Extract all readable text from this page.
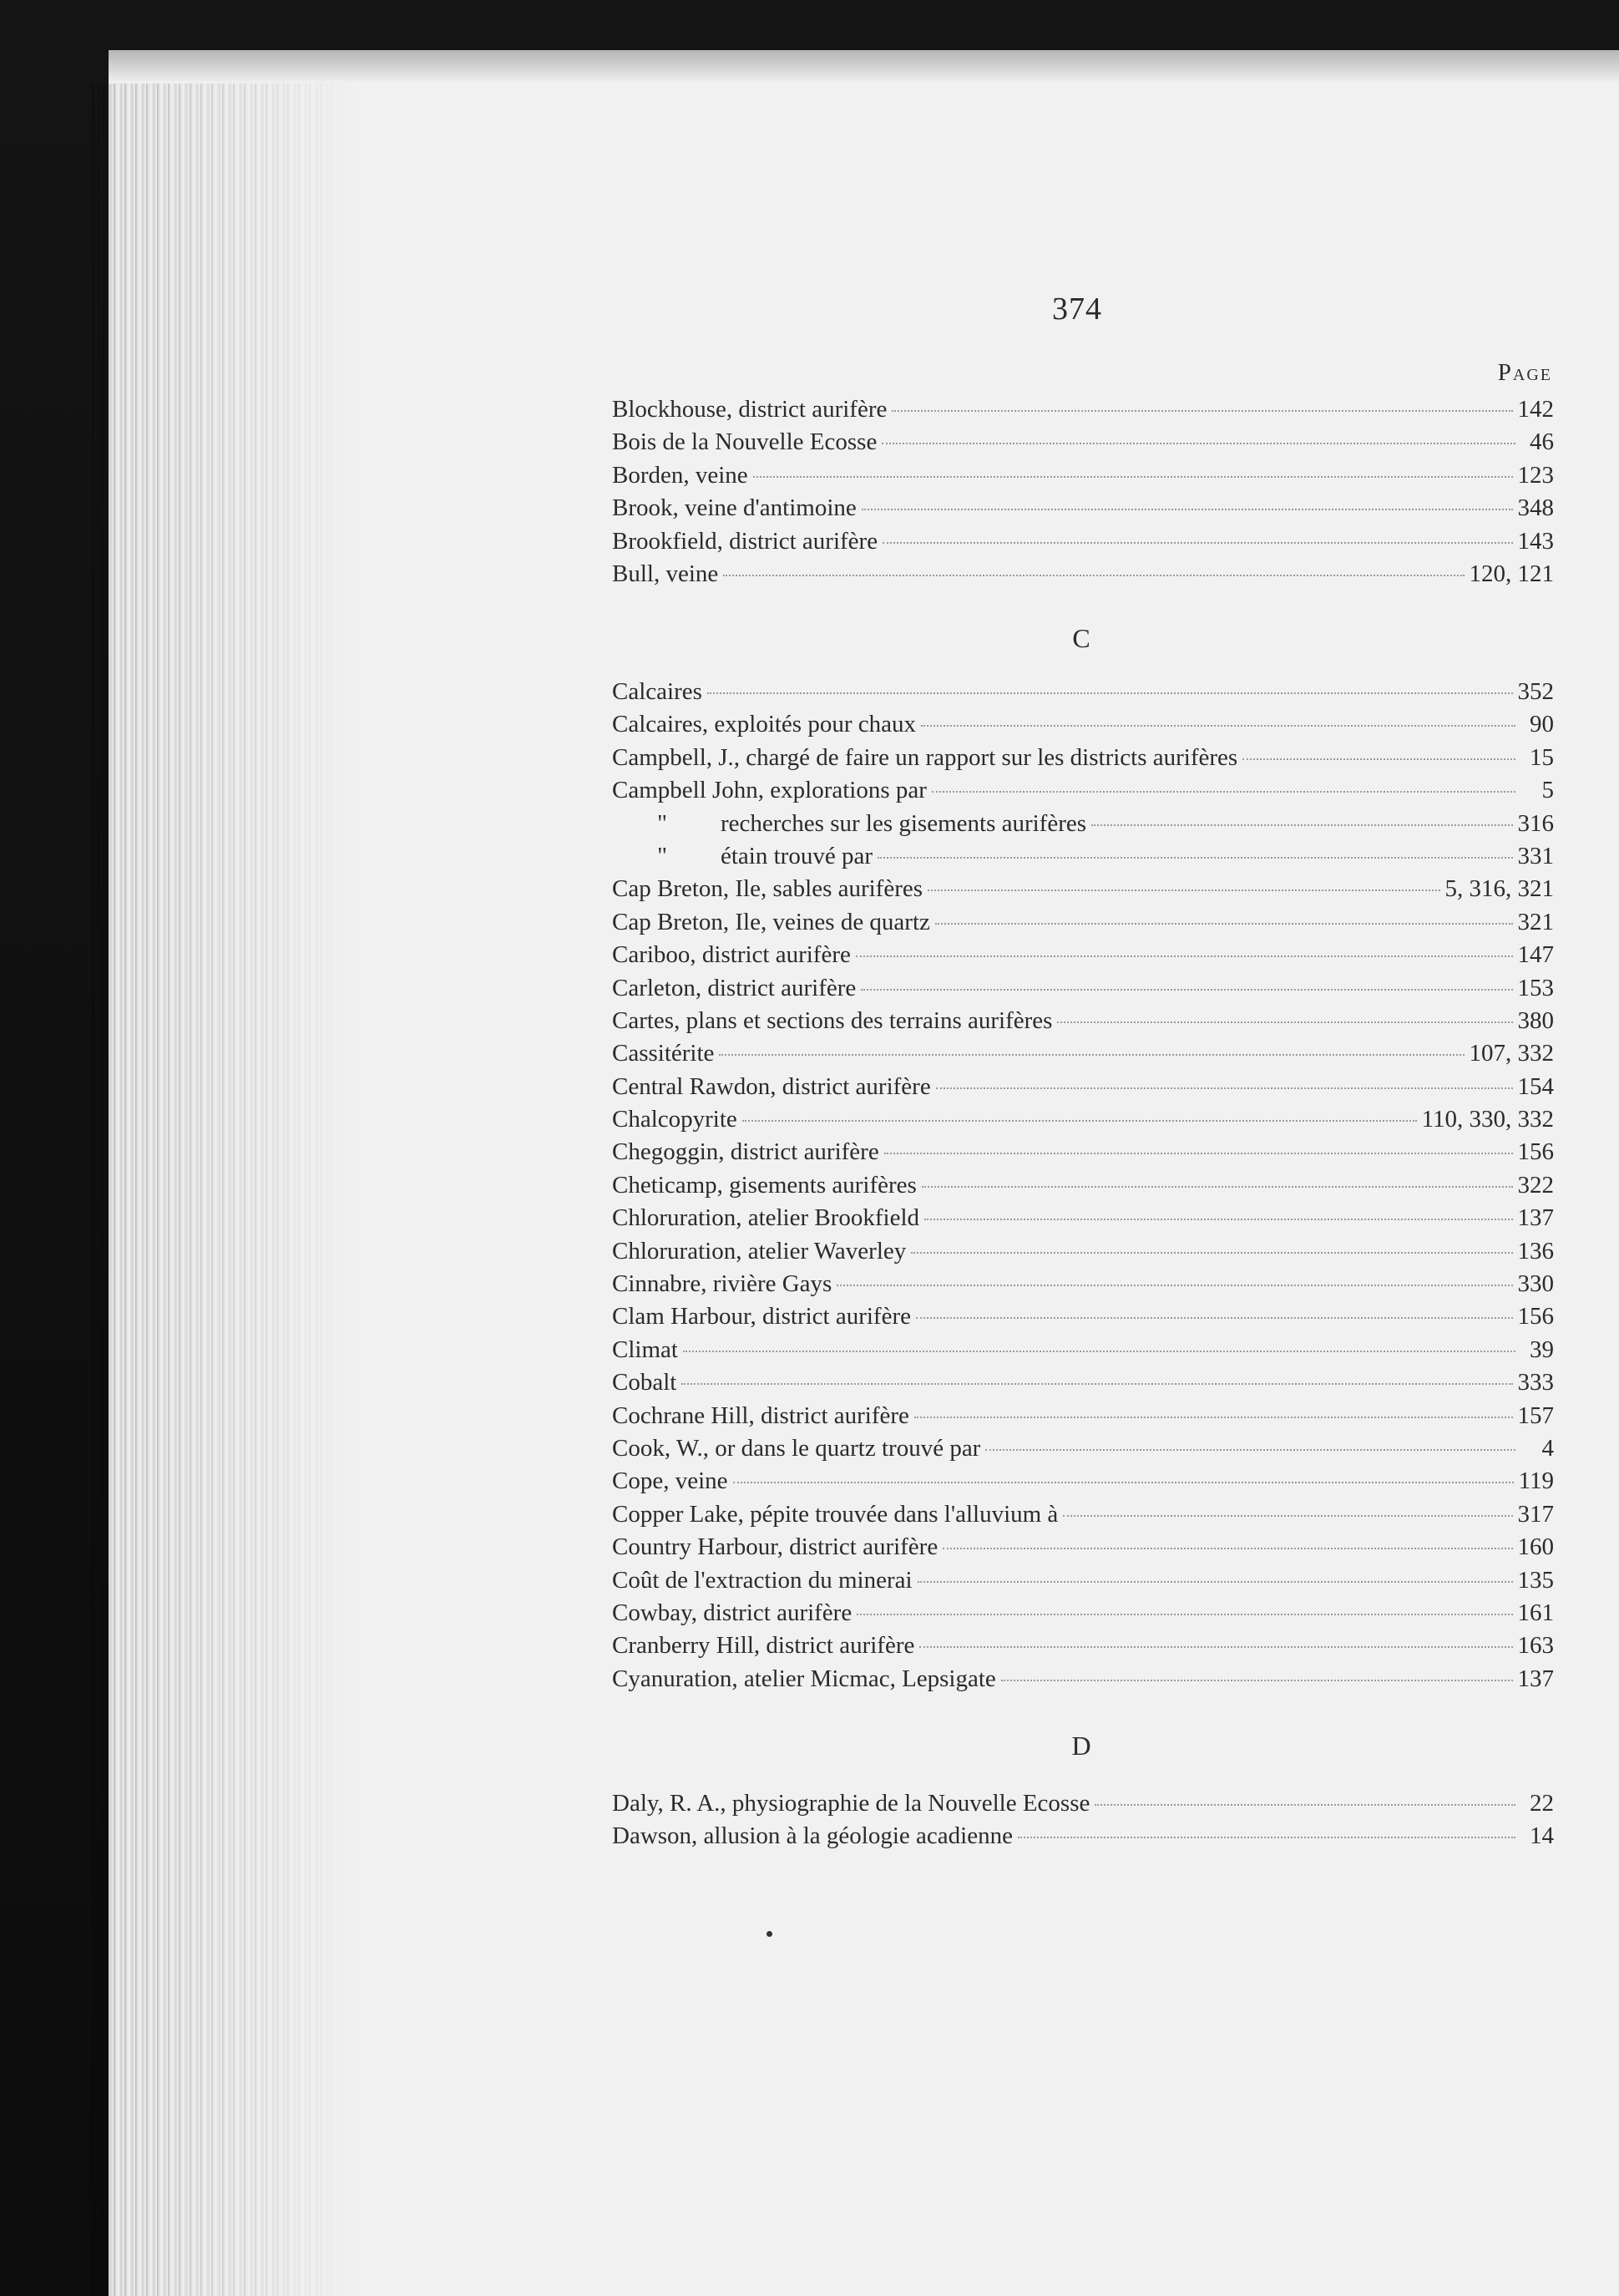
374
Page
Blockhouse, district aurifère	142
Bois de la Nouvelle Ecosse	46
Borden, veine	123
Brook, veine d'antimoine	348
Brookfield, district aurifère	143
Bull, veine	120, 121
C
Calcaires	352
Calcaires, exploités pour chaux	90
Campbell, J., chargé de faire un rapport sur les districts aurifères	15
Campbell John, explorations par	5
"	recherches sur les gisements aurifères	316
"	étain trouvé par	331
Cap Breton, Ile, sables aurifères	5, 316, 321
Cap Breton, Ile, veines de quartz	321
Cariboo, district aurifère	147
Carleton, district aurifère	153
Cartes, plans et sections des terrains aurifères	380
Cassitérite	107, 332
Central Rawdon, district aurifère	154
Chalcopyrite	110, 330, 332
Chegoggin, district aurifère	156
Cheticamp, gisements aurifères	322
Chloruration, atelier Brookfield	137
Chloruration, atelier Waverley	136
Cinnabre, rivière Gays	330
Clam Harbour, district aurifère	156
Climat	39
Cobalt	333
Cochrane Hill, district aurifère	157
Cook, W., or dans le quartz trouvé par	4
Cope, veine	119
Copper Lake, pépite trouvée dans l'alluvium à	317
Country Harbour, district aurifère	160
Coût de l'extraction du minerai	135
Cowbay, district aurifère	161
Cranberry Hill, district aurifère	163
Cyanuration, atelier Micmac, Lepsigate	137
D
Daly, R. A., physiographie de la Nouvelle Ecosse	22
Dawson, allusion à la géologie acadienne	14
